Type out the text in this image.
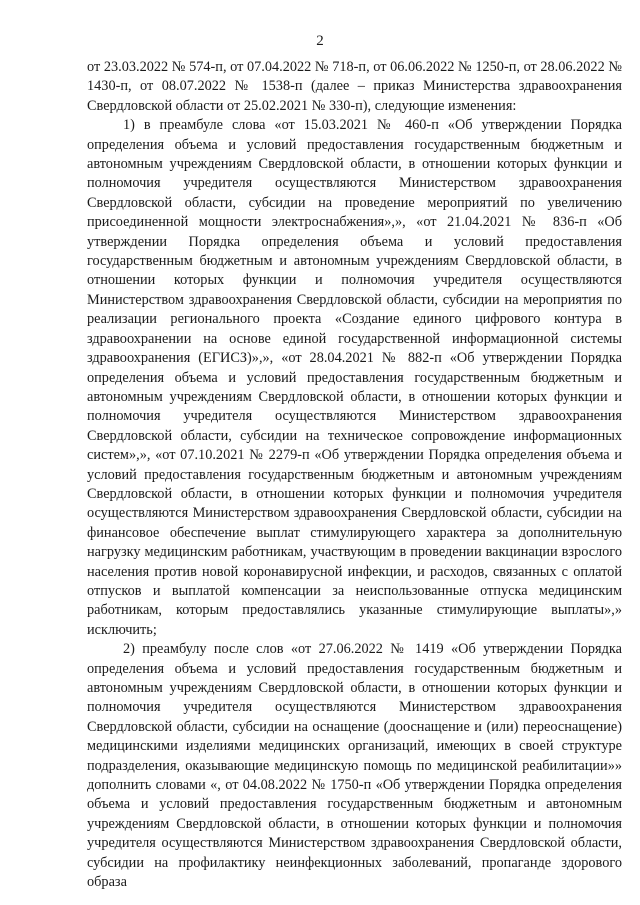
2

от 23.03.2022 № 574-п, от 07.04.2022 № 718-п, от 06.06.2022 № 1250-п, от 28.06.2022 № 1430-п, от 08.07.2022 № 1538-п (далее – приказ Министерства здравоохранения Свердловской области от 25.02.2021 № 330-п), следующие изменения:

1) в преамбуле слова «от 15.03.2021 № 460-п «Об утверждении Порядка определения объема и условий предоставления государственным бюджетным и автономным учреждениям Свердловской области, в отношении которых функции и полномочия учредителя осуществляются Министерством здравоохранения Свердловской области, субсидии на проведение мероприятий по увеличению присоединенной мощности электроснабжения»,», «от 21.04.2021 № 836-п «Об утверждении Порядка определения объема и условий предоставления государственным бюджетным и автономным учреждениям Свердловской области, в отношении которых функции и полномочия учредителя осуществляются Министерством здравоохранения Свердловской области, субсидии на мероприятия по реализации регионального проекта «Создание единого цифрового контура в здравоохранении на основе единой государственной информационной системы здравоохранения (ЕГИСЗ)»,», «от 28.04.2021 № 882-п «Об утверждении Порядка определения объема и условий предоставления государственным бюджетным и автономным учреждениям Свердловской области, в отношении которых функции и полномочия учредителя осуществляются Министерством здравоохранения Свердловской области, субсидии на техническое сопровождение информационных систем»,», «от 07.10.2021 № 2279-п «Об утверждении Порядка определения объема и условий предоставления государственным бюджетным и автономным учреждениям Свердловской области, в отношении которых функции и полномочия учредителя осуществляются Министерством здравоохранения Свердловской области, субсидии на финансовое обеспечение выплат стимулирующего характера за дополнительную нагрузку медицинским работникам, участвующим в проведении вакцинации взрослого населения против новой коронавирусной инфекции, и расходов, связанных с оплатой отпусков и выплатой компенсации за неиспользованные отпуска медицинским работникам, которым предоставлялись указанные стимулирующие выплаты»,» исключить;

2) преамбулу после слов «от 27.06.2022 № 1419 «Об утверждении Порядка определения объема и условий предоставления государственным бюджетным и автономным учреждениям Свердловской области, в отношении которых функции и полномочия учредителя осуществляются Министерством здравоохранения Свердловской области, субсидии на оснащение (дооснащение и (или) переоснащение) медицинскими изделиями медицинских организаций, имеющих в своей структуре подразделения, оказывающие медицинскую помощь по медицинской реабилитации»» дополнить словами «, от 04.08.2022 № 1750-п «Об утверждении Порядка определения объема и условий предоставления государственным бюджетным и автономным учреждениям Свердловской области, в отношении которых функции и полномочия учредителя осуществляются Министерством здравоохранения Свердловской области, субсидии на профилактику неинфекционных заболеваний, пропаганде здорового образа
